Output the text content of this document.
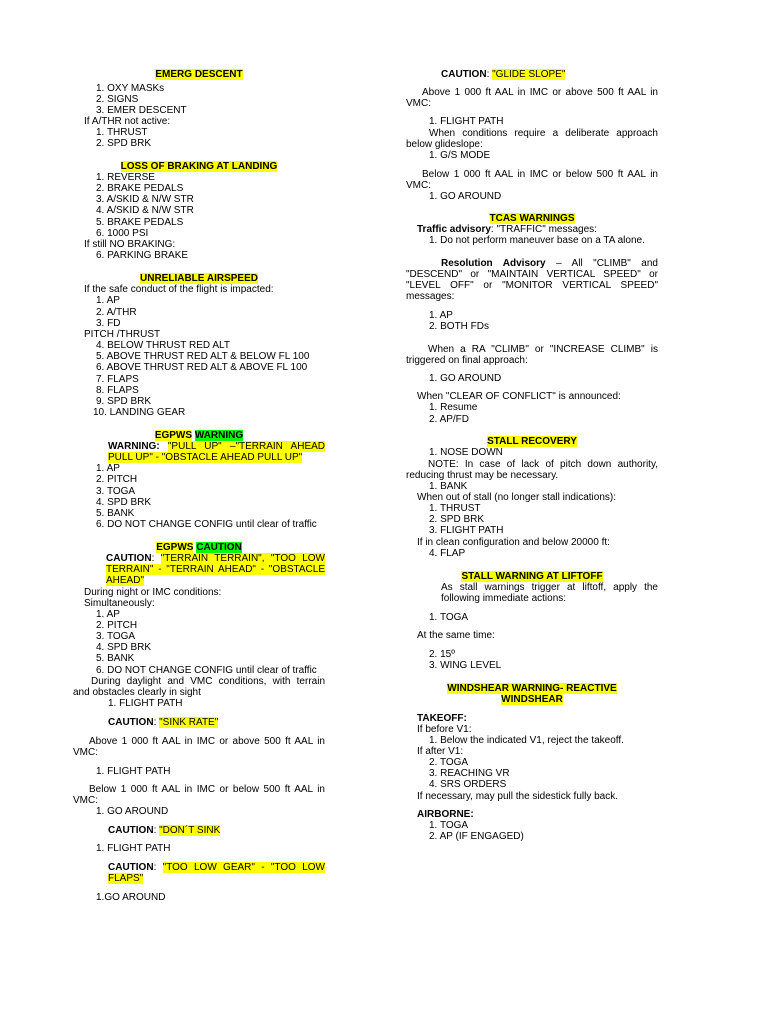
EMERG DESCENT
1. OXY MASKs
2. SIGNS
3. EMER DESCENT
If A/THR not active:
1. THRUST
2. SPD BRK
LOSS OF BRAKING AT LANDING
1. REVERSE
2. BRAKE PEDALS
3. A/SKID & N/W STR
4. A/SKID & N/W STR
5. BRAKE PEDALS
6. 1000 PSI
If still NO BRAKING:
6. PARKING BRAKE
UNRELIABLE AIRSPEED
If the safe conduct of the flight is impacted:
1. AP
2. A/THR
3. FD
PITCH /THRUST
4. BELOW THRUST RED ALT
5. ABOVE THRUST RED ALT & BELOW FL 100
6. ABOVE THRUST RED ALT & ABOVE FL 100
7. FLAPS
8. FLAPS
9. SPD BRK
10. LANDING GEAR
EGPWS WARNING
WARNING: "PULL UP" –"TERRAIN AHEAD
PULL UP" - "OBSTACLE AHEAD PULL UP"
1. AP
2. PITCH
3. TOGA
4. SPD BRK
5. BANK
6. DO NOT CHANGE CONFIG until clear of traffic
EGPWS CAUTION
CAUTION: "TERRAIN TERRAIN", "TOO LOW
TERRAIN" - "TERRAIN AHEAD" - "OBSTACLE
AHEAD"
During night or IMC conditions:
Simultaneously:
1. AP
2. PITCH
3. TOGA
4. SPD BRK
5. BANK
6. DO NOT CHANGE CONFIG until clear of traffic
During daylight and VMC conditions, with terrain
and obstacles clearly in sight
1. FLIGHT PATH
CAUTION: "SINK RATE"
Above 1 000 ft AAL in IMC or above 500 ft AAL in
VMC:
1. FLIGHT PATH
Below 1 000 ft AAL in IMC or below 500 ft AAL in
VMC:
1. GO AROUND
CAUTION: "DON´T SINK
1. FLIGHT PATH
CAUTION: "TOO LOW GEAR" - "TOO LOW
FLAPS"
1.GO AROUND
CAUTION: "GLIDE SLOPE"
Above 1 000 ft AAL in IMC or above 500 ft AAL in
VMC:
1. FLIGHT PATH
When conditions require a deliberate approach
below glideslope:
1. G/S MODE
Below 1 000 ft AAL in IMC or below 500 ft AAL in
VMC:
1. GO AROUND
TCAS WARNINGS
Traffic advisory: "TRAFFIC" messages:
1. Do not perform maneuver base on a TA alone.
Resolution Advisory – All "CLIMB" and
"DESCEND" or "MAINTAIN VERTICAL SPEED" or
"LEVEL OFF" or "MONITOR VERTICAL SPEED"
messages:
1. AP
2. BOTH FDs
When a RA "CLIMB" or "INCREASE CLIMB" is
triggered on final approach:
1. GO AROUND
When "CLEAR OF CONFLICT" is announced:
1. Resume
2. AP/FD
STALL RECOVERY
1. NOSE DOWN
NOTE: In case of lack of pitch down authority,
reducing thrust may be necessary.
1. BANK
When out of stall (no longer stall indications):
1. THRUST
2. SPD BRK
3. FLIGHT PATH
If in clean configuration and below 20000 ft:
4. FLAP
STALL WARNING AT LIFTOFF
As stall warnings trigger at liftoff, apply the
following immediate actions:
1. TOGA
At the same time:
2. 15º
3. WING LEVEL
WINDSHEAR WARNING- REACTIVE
WINDSHEAR
TAKEOFF:
If before V1:
1. Below the indicated V1, reject the takeoff.
If after V1:
2. TOGA
3. REACHING VR
4. SRS ORDERS
If necessary, may pull the sidestick fully back.
AIRBORNE:
1. TOGA
2. AP (IF ENGAGED)
